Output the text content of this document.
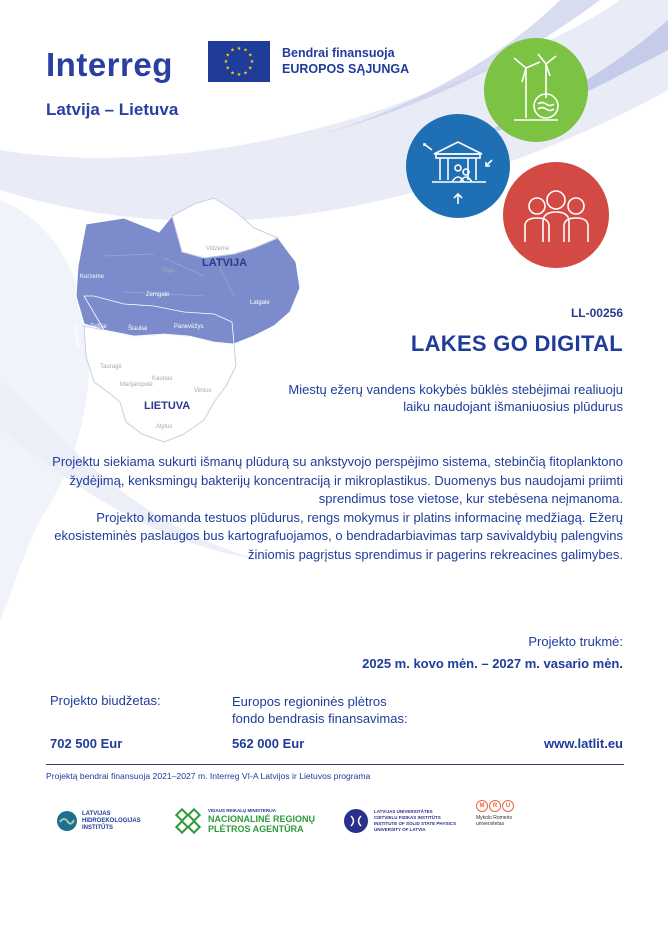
Interreg
Latvija – Lietuva
★ ★
★
★
★
★
★
★
★
★
★
★	Bendrai finansuoja
EUROPOS SĄJUNGA
LATVIJA
LIETUVA
Kurzeme
Zemgale
Latgale
Rīga
Vidzeme
Telšiai	Šiauliai	Panevėžys
Utena
Klaipėda
Tauragė
Kaunas
Marijampolė
Vilnius
Alytus
LL-00256
LAKES GO DIGITAL
Miestų ežerų vandens kokybės būklės stebėjimai realiuoju laiku naudojant išmaniuosius plūdurus

Projektu siekiama sukurti išmanų plūdurą su ankstyvojo perspėjimo sistema, stebinčią fitoplanktono žydėjimą, kenksmingų bakterijų koncentraciją ir mikroplastikus. Duomenys bus naudojami priimti sprendimus tose vietose, kur stebėsena neįmanoma.

Projekto komanda testuos plūdurus, rengs mokymus ir platins informacinę medžiagą. Ežerų ekosisteminės paslaugos bus kartografuojamos, o bendradarbiavimas tarp savivaldybių palengvins žiniomis pagrįstus sprendimus ir pagerins rekreacines galimybes.

Projekto trukmė:
2025 m. kovo mėn. – 2027 m. vasario mėn.
Projekto biudžetas:	Europos regioninės plėtros
fondo bendrasis finansavimas:
702 500 Eur	562 000 Eur	www.latlit.eu
Projektą bendrai finansuoja 2021–2027 m. Interreg VI-A Latvijos ir Lietuvos programa
LATVIJAS
HIDROEKOLOĢIJAS
INSTITŪTS
VIDAUS REIKALŲ MINISTERIJA
NACIONALINĖ REGIONŲ
PLĖTROS AGENTŪRA
LATVIJAS UNIVERSITĀTES
CIETVIELU FIZIKAS INSTITŪTS
INSTITUTE OF SOLID STATE PHYSICS
UNIVERSITY OF LATVIA
M	R	U
Mykolo Romerio
universitetas
